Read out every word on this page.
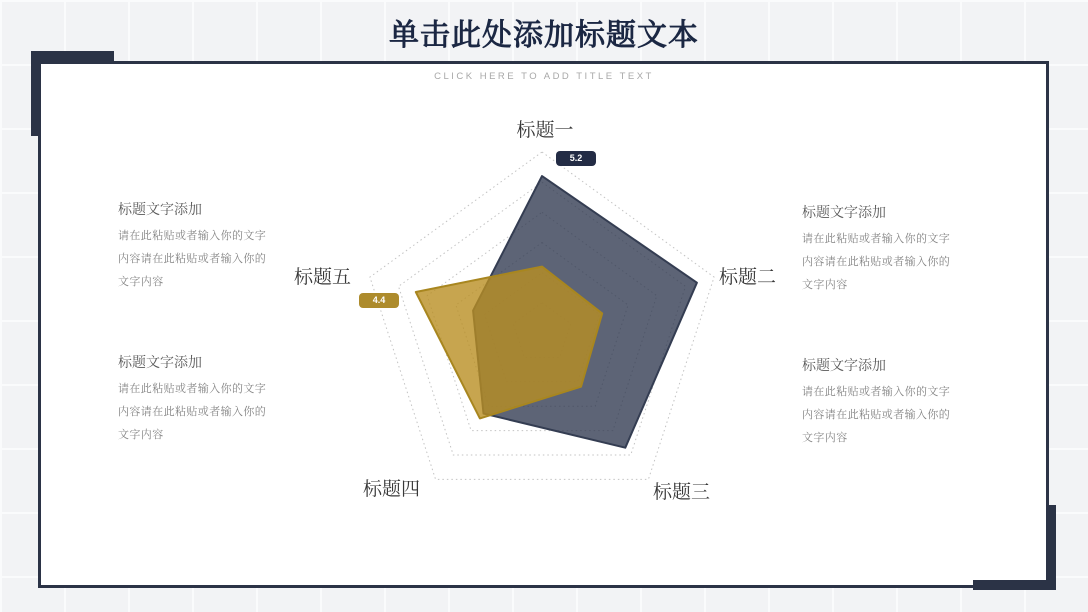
单击此处添加标题文本
CLICK HERE TO ADD TITLE TEXT
标题文字添加

请在此粘贴或者输入你的文字内容请在此粘贴或者输入你的文字内容

标题文字添加

请在此粘贴或者输入你的文字内容请在此粘贴或者输入你的文字内容

标题文字添加

请在此粘贴或者输入你的文字内容请在此粘贴或者输入你的文字内容

标题文字添加

请在此粘贴或者输入你的文字内容请在此粘贴或者输入你的文字内容

标题一
标题二
标题三
标题四
标题五
5.2
4.4
